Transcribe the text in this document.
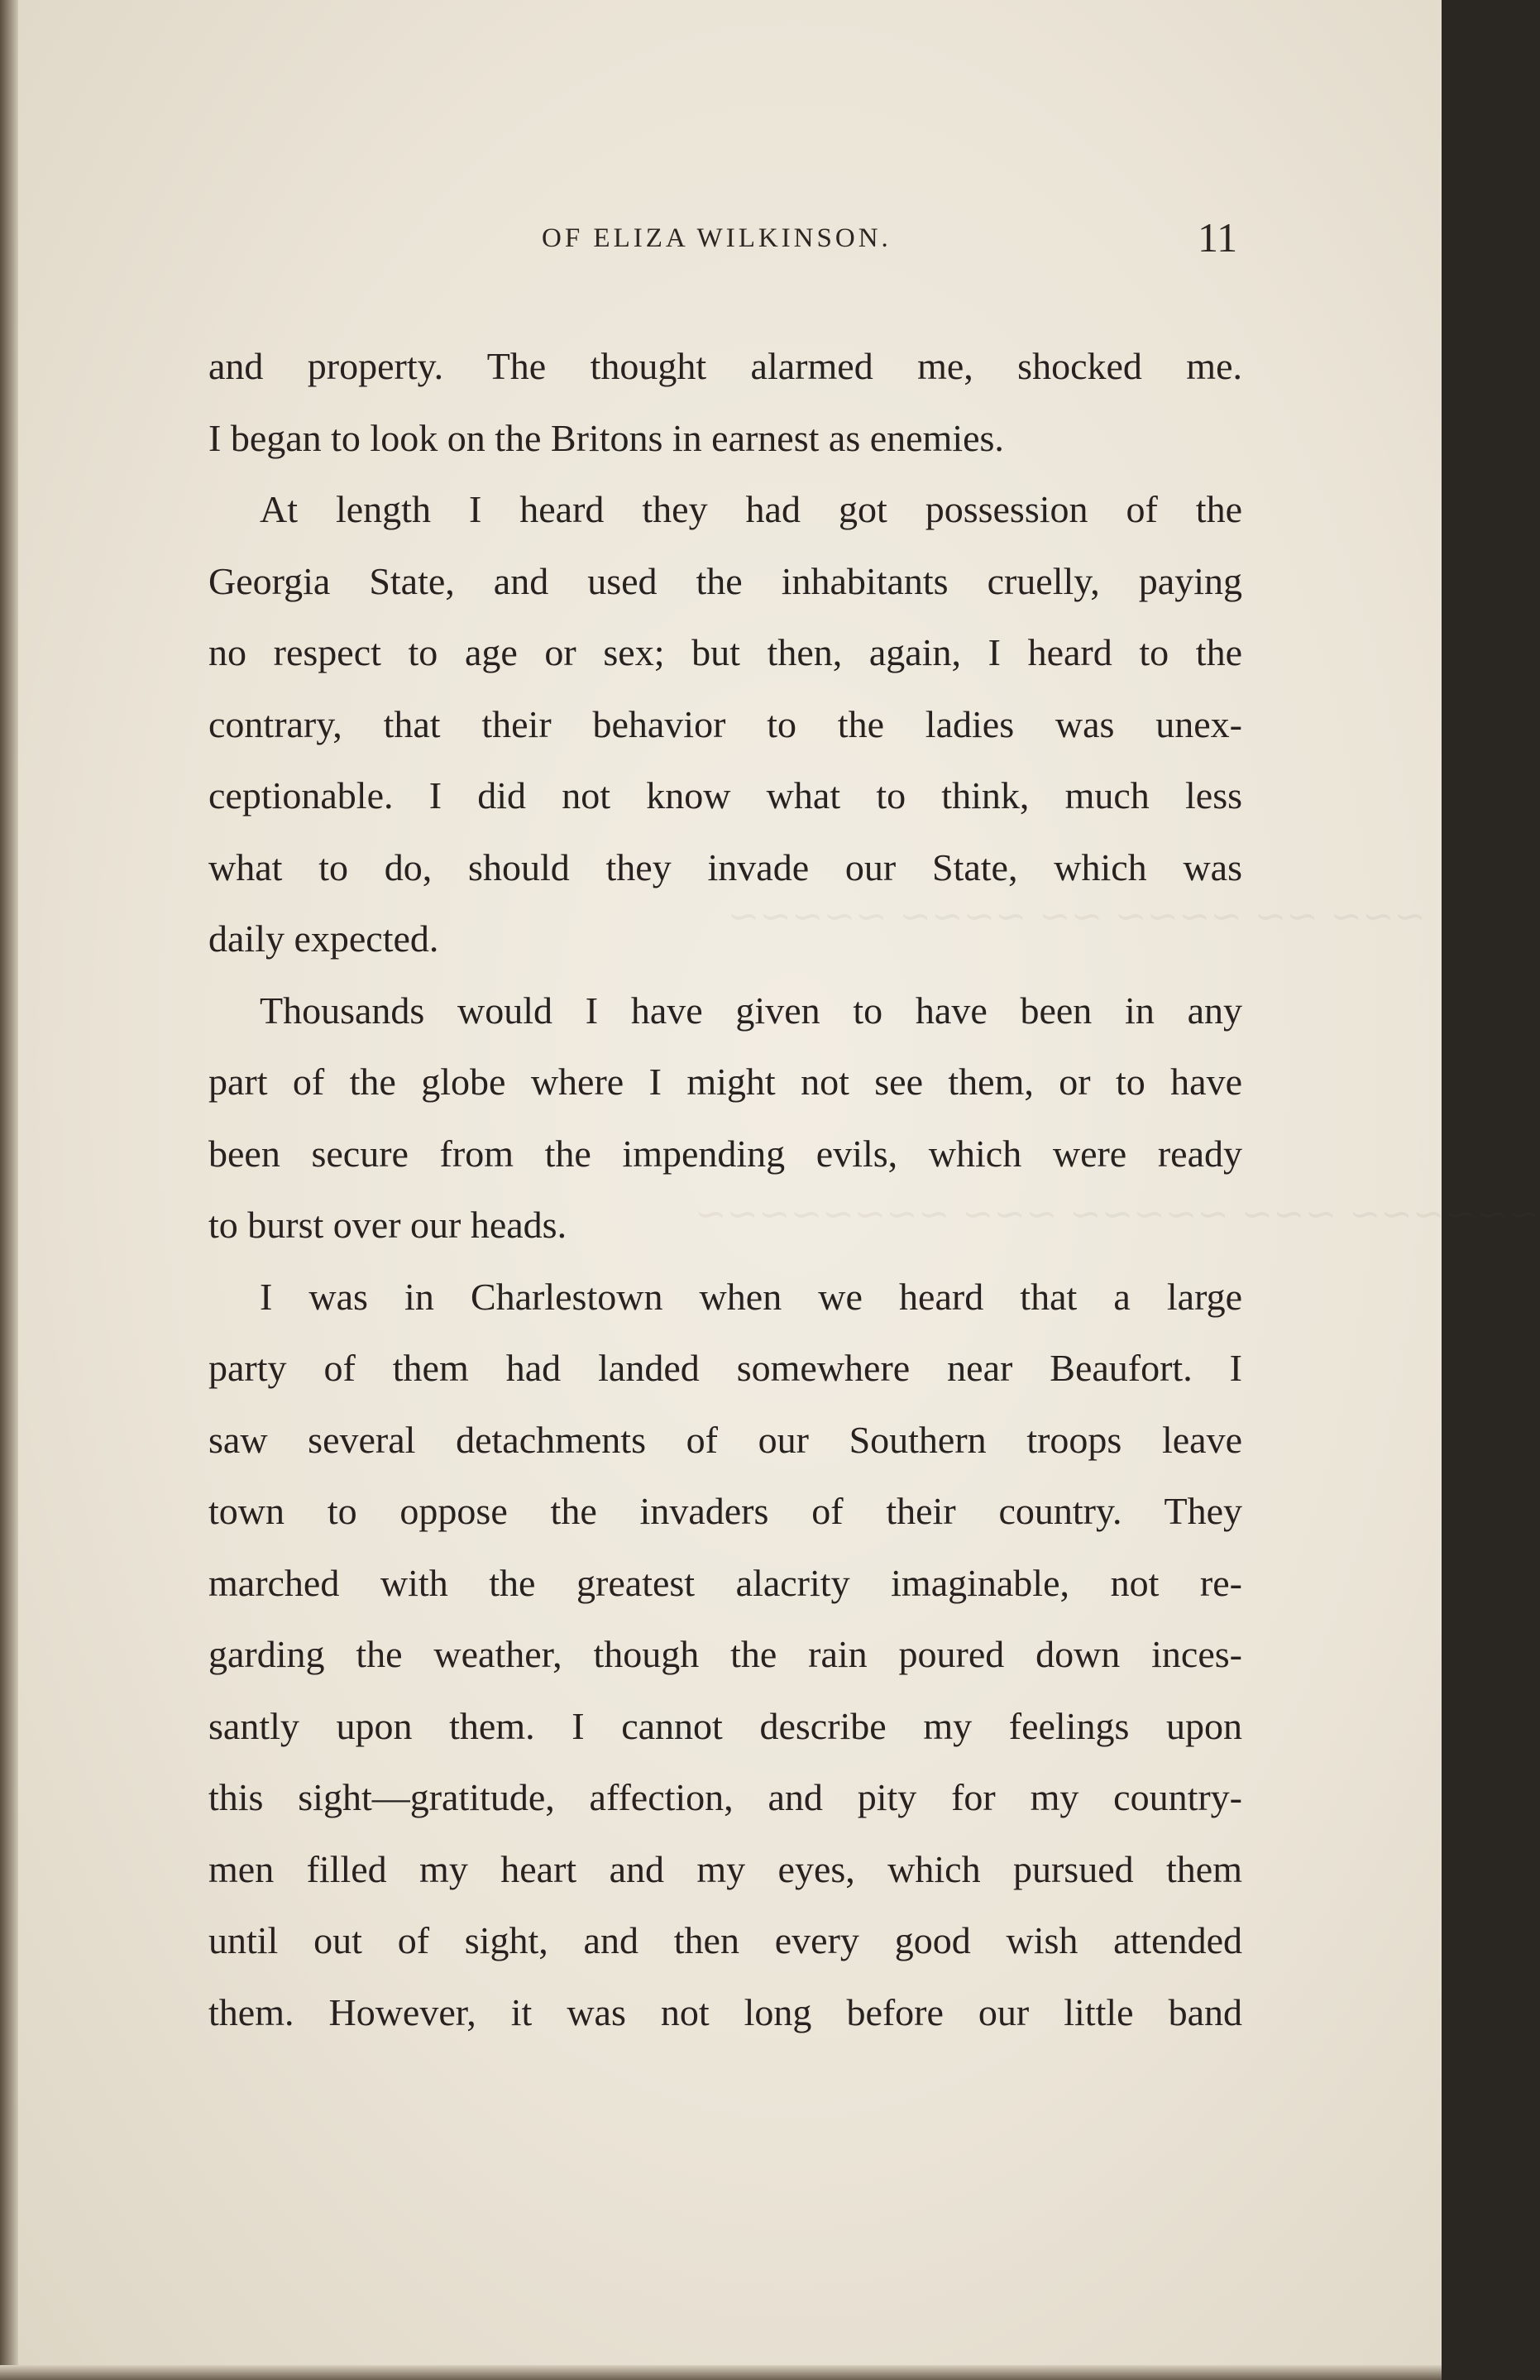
~~~ ~~ ~~~~ ~~ ~~~~ ~~~~~
~~~~~~ ~~~ ~~~~~ ~~~ ~~~~~~~~
OF ELIZA WILKINSON.	11
and property. The thought alarmed me, shocked me.
I began to look on the Britons in earnest as enemies.
At length I heard they had got possession of the
Georgia State, and used the inhabitants cruelly, paying
no respect to age or sex; but then, again, I heard to the
contrary, that their behavior to the ladies was unex-
ceptionable. I did not know what to think, much less
what to do, should they invade our State, which was
daily expected.
Thousands would I have given to have been in any
part of the globe where I might not see them, or to have
been secure from the impending evils, which were ready
to burst over our heads.
I was in Charlestown when we heard that a large
party of them had landed somewhere near Beaufort. I
saw several detachments of our Southern troops leave
town to oppose the invaders of their country. They
marched with the greatest alacrity imaginable, not re-
garding the weather, though the rain poured down inces-
santly upon them. I cannot describe my feelings upon
this sight—gratitude, affection, and pity for my country-
men filled my heart and my eyes, which pursued them
until out of sight, and then every good wish attended
them. However, it was not long before our little band
